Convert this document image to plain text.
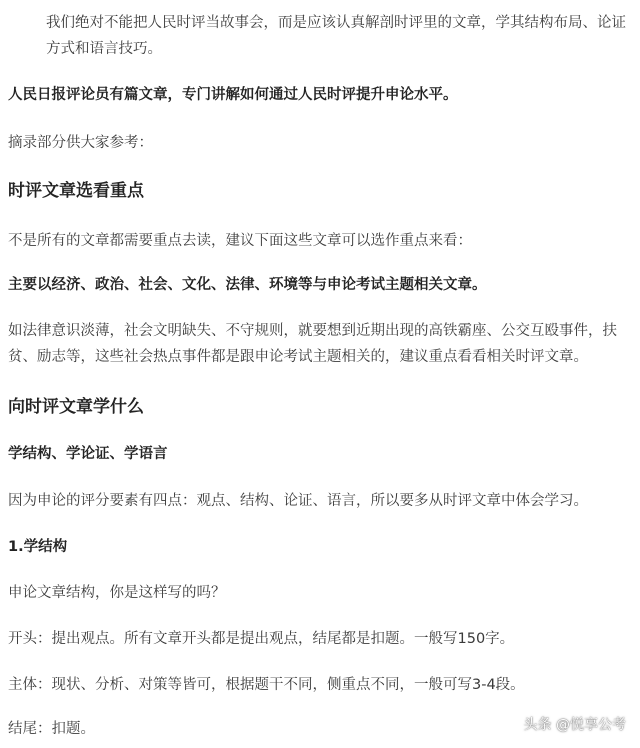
我们绝对不能把人民时评当故事会，而是应该认真解剖时评里的文章，学其结构布局、论证方式和语言技巧。
人民日报评论员有篇文章，专门讲解如何通过人民时评提升申论水平。
摘录部分供大家参考：
时评文章选看重点
不是所有的文章都需要重点去读，建议下面这些文章可以选作重点来看：
主要以经济、政治、社会、文化、法律、环境等与申论考试主题相关文章。
如法律意识淡薄，社会文明缺失、不守规则，就要想到近期出现的高铁霸座、公交互殴事件，扶贫、励志等，这些社会热点事件都是跟申论考试主题相关的，建议重点看看相关时评文章。
向时评文章学什么
学结构、学论证、学语言
因为申论的评分要素有四点：观点、结构、论证、语言，所以要多从时评文章中体会学习。
1.学结构
申论文章结构，你是这样写的吗？
开头：提出观点。所有文章开头都是提出观点，结尾都是扣题。一般写150字。
主体：现状、分析、对策等皆可，根据题干不同，侧重点不同，一般可写3-4段。
结尾：扣题。	头条 @悦享公考
